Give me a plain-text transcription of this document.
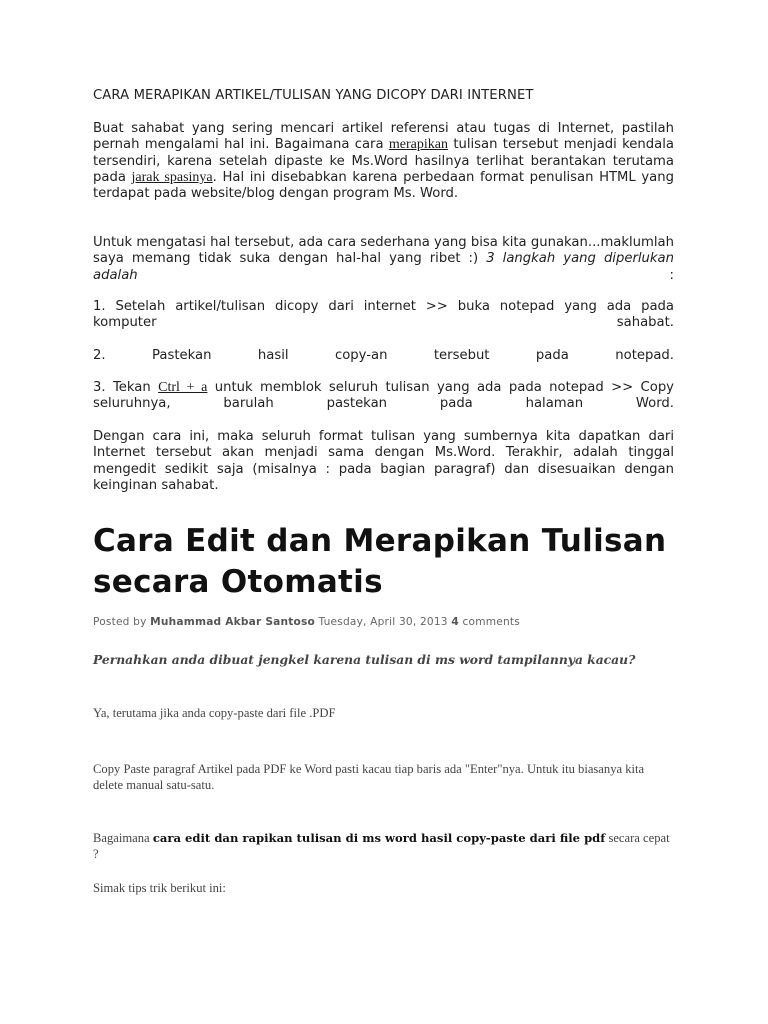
CARA MERAPIKAN ARTIKEL/TULISAN YANG DICOPY DARI INTERNET
Buat sahabat yang sering mencari artikel referensi atau tugas di Internet, pastilah pernah mengalami hal ini. Bagaimana cara merapikan tulisan tersebut menjadi kendala tersendiri, karena setelah dipaste ke Ms.Word hasilnya terlihat berantakan terutama pada jarak spasinya. Hal ini disebabkan karena perbedaan format penulisan HTML yang terdapat pada website/blog dengan program Ms. Word.
Untuk mengatasi hal tersebut, ada cara sederhana yang bisa kita gunakan...maklumlah saya memang tidak suka dengan hal-hal yang ribet :) 3 langkah yang diperlukan adalah	:
1. Setelah artikel/tulisan dicopy dari internet >> buka notepad yang ada pada komputer sahabat.
2. Pastekan hasil copy-an tersebut pada notepad.
3. Tekan Ctrl + a untuk memblok seluruh tulisan yang ada pada notepad >> Copy seluruhnya, barulah pastekan pada halaman Word.
Dengan cara ini, maka seluruh format tulisan yang sumbernya kita dapatkan dari Internet tersebut akan menjadi sama dengan Ms.Word. Terakhir, adalah tinggal mengedit sedikit saja (misalnya : pada bagian paragraf) dan disesuaikan dengan keinginan sahabat.
Cara Edit dan Merapikan Tulisan secara Otomatis
Posted by Muhammad Akbar Santoso Tuesday, April 30, 2013 4 comments
Pernahkan anda dibuat jengkel karena tulisan di ms word tampilannya kacau?
Ya, terutama jika anda copy-paste dari file .PDF
Copy Paste paragraf Artikel pada PDF ke Word pasti kacau tiap baris ada "Enter"nya. Untuk itu biasanya kita delete manual satu-satu.
Bagaimana cara edit dan rapikan tulisan di ms word hasil copy-paste dari file pdf secara cepat ?
Simak tips trik berikut ini:
